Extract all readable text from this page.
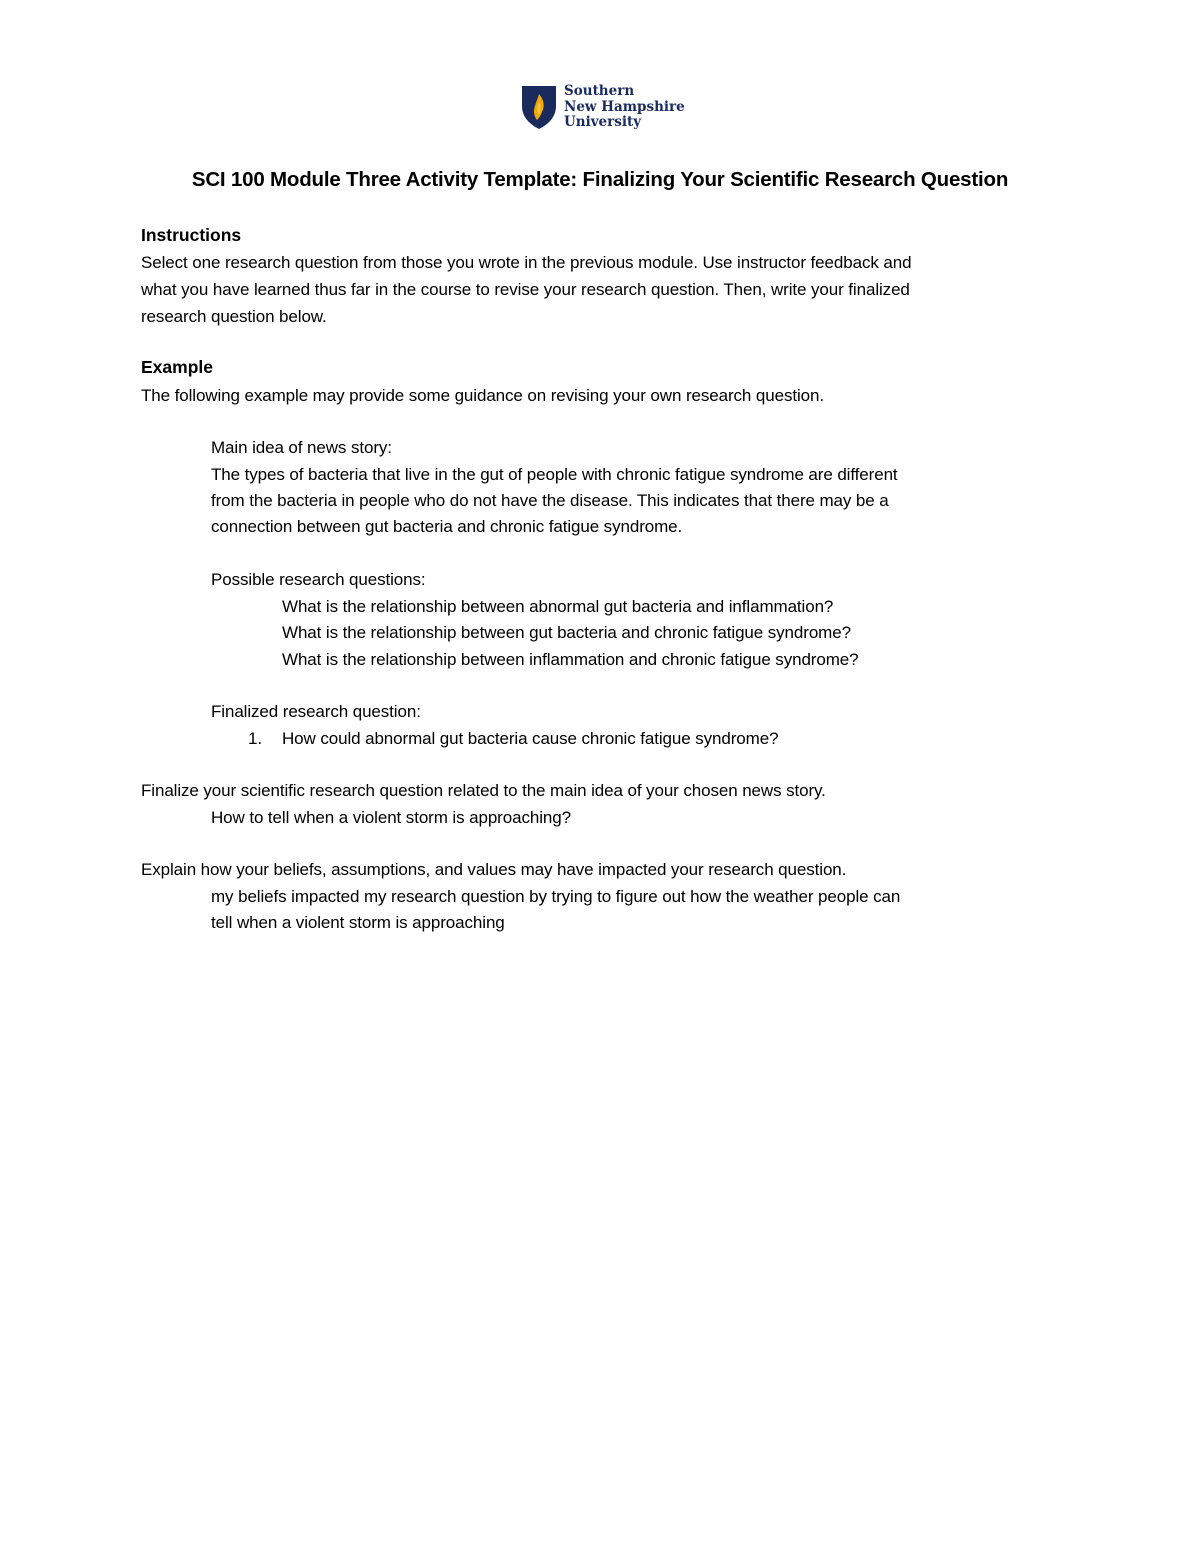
Southern
New Hampshire
University
SCI 100 Module Three Activity Template: Finalizing Your Scientific Research Question
Instructions
Select one research question from those you wrote in the previous module. Use instructor feedback and
what you have learned thus far in the course to revise your research question. Then, write your finalized
research question below.
Example
The following example may provide some guidance on revising your own research question.
Main idea of news story:
The types of bacteria that live in the gut of people with chronic fatigue syndrome are different
from the bacteria in people who do not have the disease. This indicates that there may be a
connection between gut bacteria and chronic fatigue syndrome.
Possible research questions:
What is the relationship between abnormal gut bacteria and inflammation?
What is the relationship between gut bacteria and chronic fatigue syndrome?
What is the relationship between inflammation and chronic fatigue syndrome?
Finalized research question:
1. How could abnormal gut bacteria cause chronic fatigue syndrome?
Finalize your scientific research question related to the main idea of your chosen news story.
How to tell when a violent storm is approaching?
Explain how your beliefs, assumptions, and values may have impacted your research question.
my beliefs impacted my research question by trying to figure out how the weather people can
tell when a violent storm is approaching
